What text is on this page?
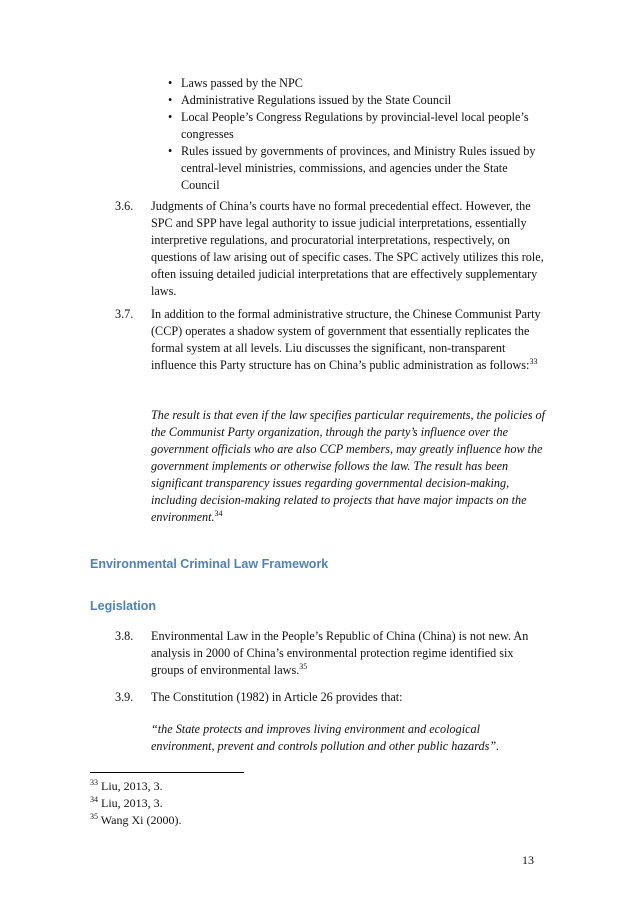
• Laws passed by the NPC
• Administrative Regulations issued by the State Council
• Local People’s Congress Regulations by provincial-level local people’s congresses
• Rules issued by governments of provinces, and Ministry Rules issued by central-level ministries, commissions, and agencies under the State Council
3.6. Judgments of China’s courts have no formal precedential effect. However, the SPC and SPP have legal authority to issue judicial interpretations, essentially interpretive regulations, and procuratorial interpretations, respectively, on questions of law arising out of specific cases. The SPC actively utilizes this role, often issuing detailed judicial interpretations that are effectively supplementary laws.
3.7. In addition to the formal administrative structure, the Chinese Communist Party (CCP) operates a shadow system of government that essentially replicates the formal system at all levels. Liu discusses the significant, non-transparent influence this Party structure has on China’s public administration as follows:$^{33}$
The result is that even if the law specifies particular requirements, the policies of the Communist Party organization, through the party’s influence over the government officials who are also CCP members, may greatly influence how the government implements or otherwise follows the law. The result has been significant transparency issues regarding governmental decision-making, including decision-making related to projects that have major impacts on the environment.$^{34}$
Environmental Criminal Law Framework
Legislation
3.8. Environmental Law in the People’s Republic of China (China) is not new. An analysis in 2000 of China’s environmental protection regime identified six groups of environmental laws.$^{35}$
3.9. The Constitution (1982) in Article 26 provides that:
“the State protects and improves living environment and ecological environment, prevent and controls pollution and other public hazards”.
$^{33}$ Liu, 2013, 3.
$^{34}$ Liu, 2013, 3.
$^{35}$ Wang Xi (2000).
13
